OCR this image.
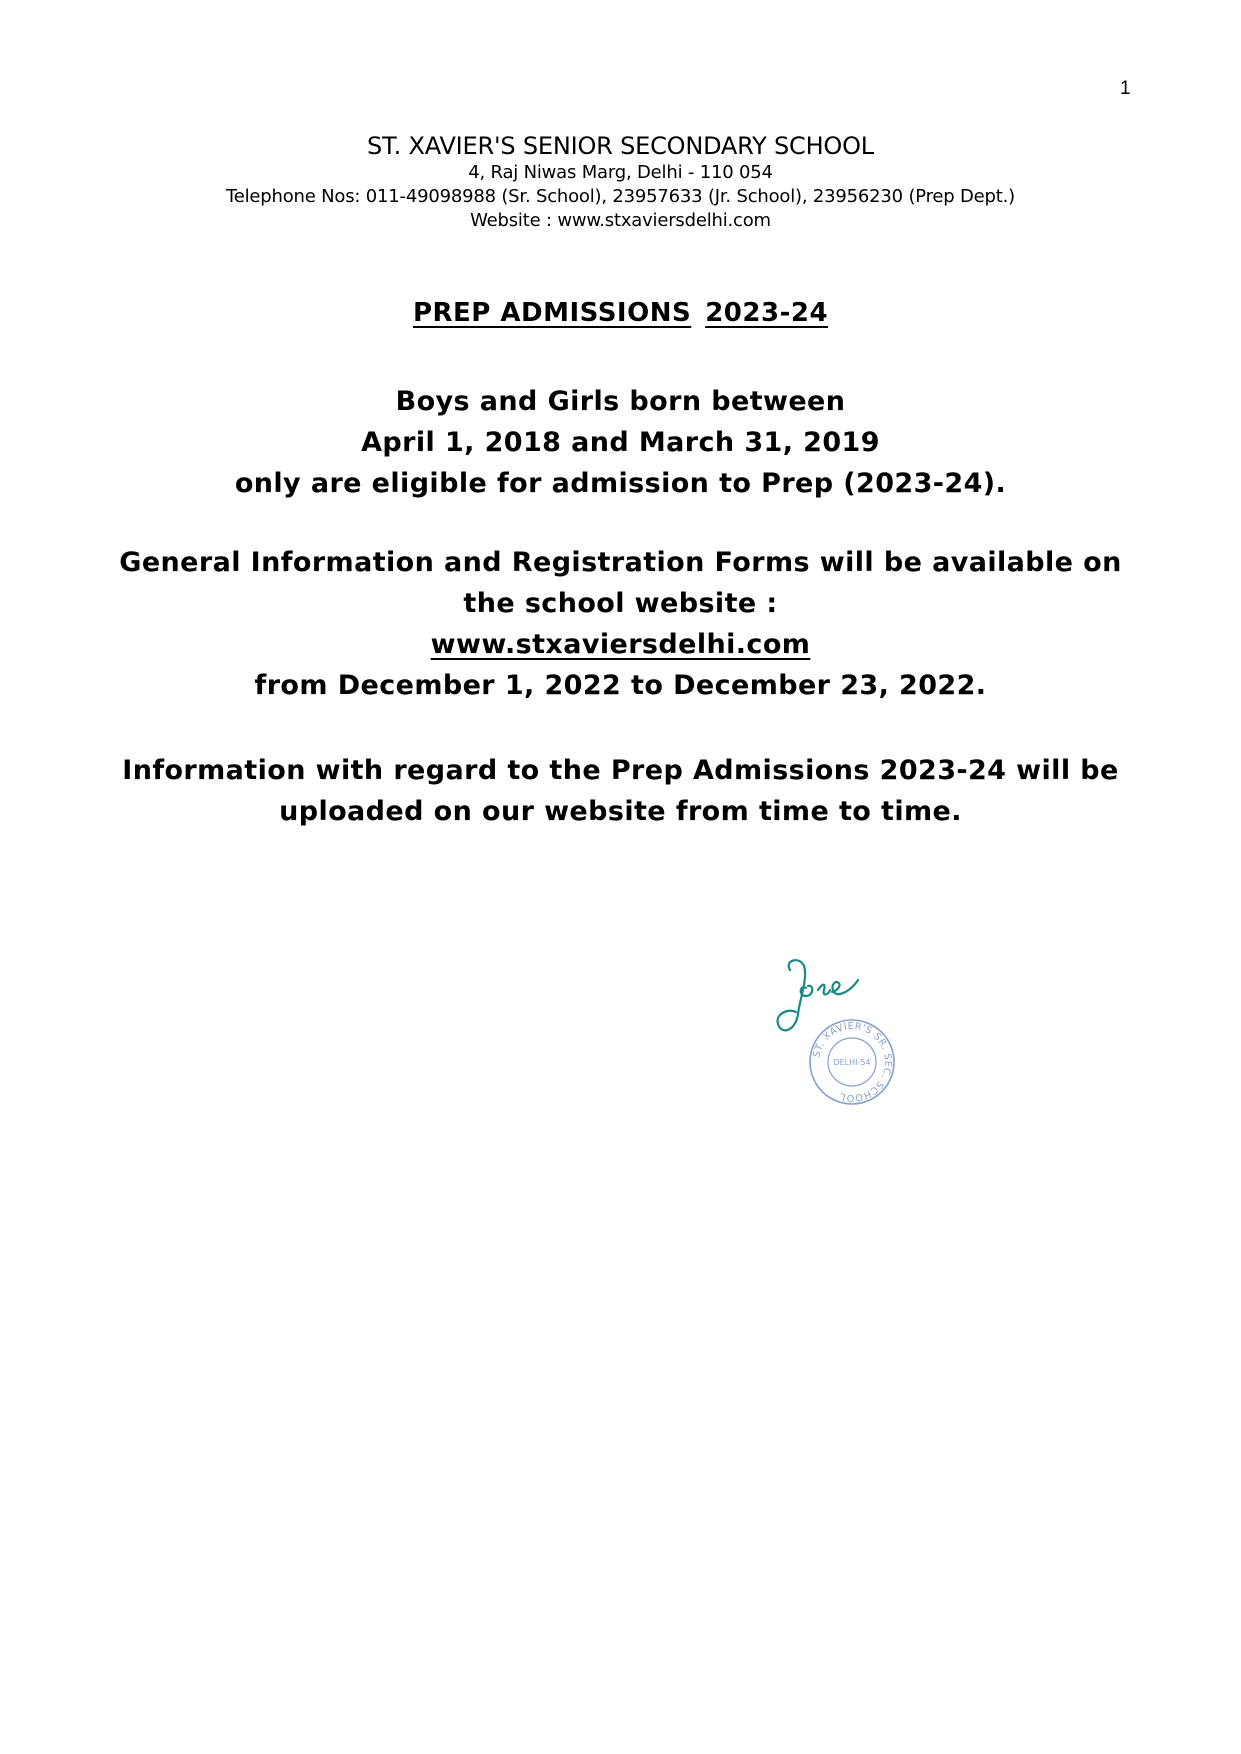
1
ST. XAVIER'S SENIOR SECONDARY SCHOOL
4, Raj Niwas Marg, Delhi - 110 054
Telephone Nos: 011-49098988 (Sr. School), 23957633 (Jr. School), 23956230 (Prep Dept.)
Website : www.stxaviersdelhi.com
PREP ADMISSIONS 2023-24
Boys and Girls born between
April 1, 2018 and March 31, 2019
only are eligible for admission to Prep (2023-24).
General Information and Registration Forms will be available on
the school website :
www.stxaviersdelhi.com
from December 1, 2022 to December 23, 2022.
Information with regard to the Prep Admissions 2023-24 will be
uploaded on our website from time to time.
ST. XAVIER'S SR. SEC. SCHOOL
DELHI-54
